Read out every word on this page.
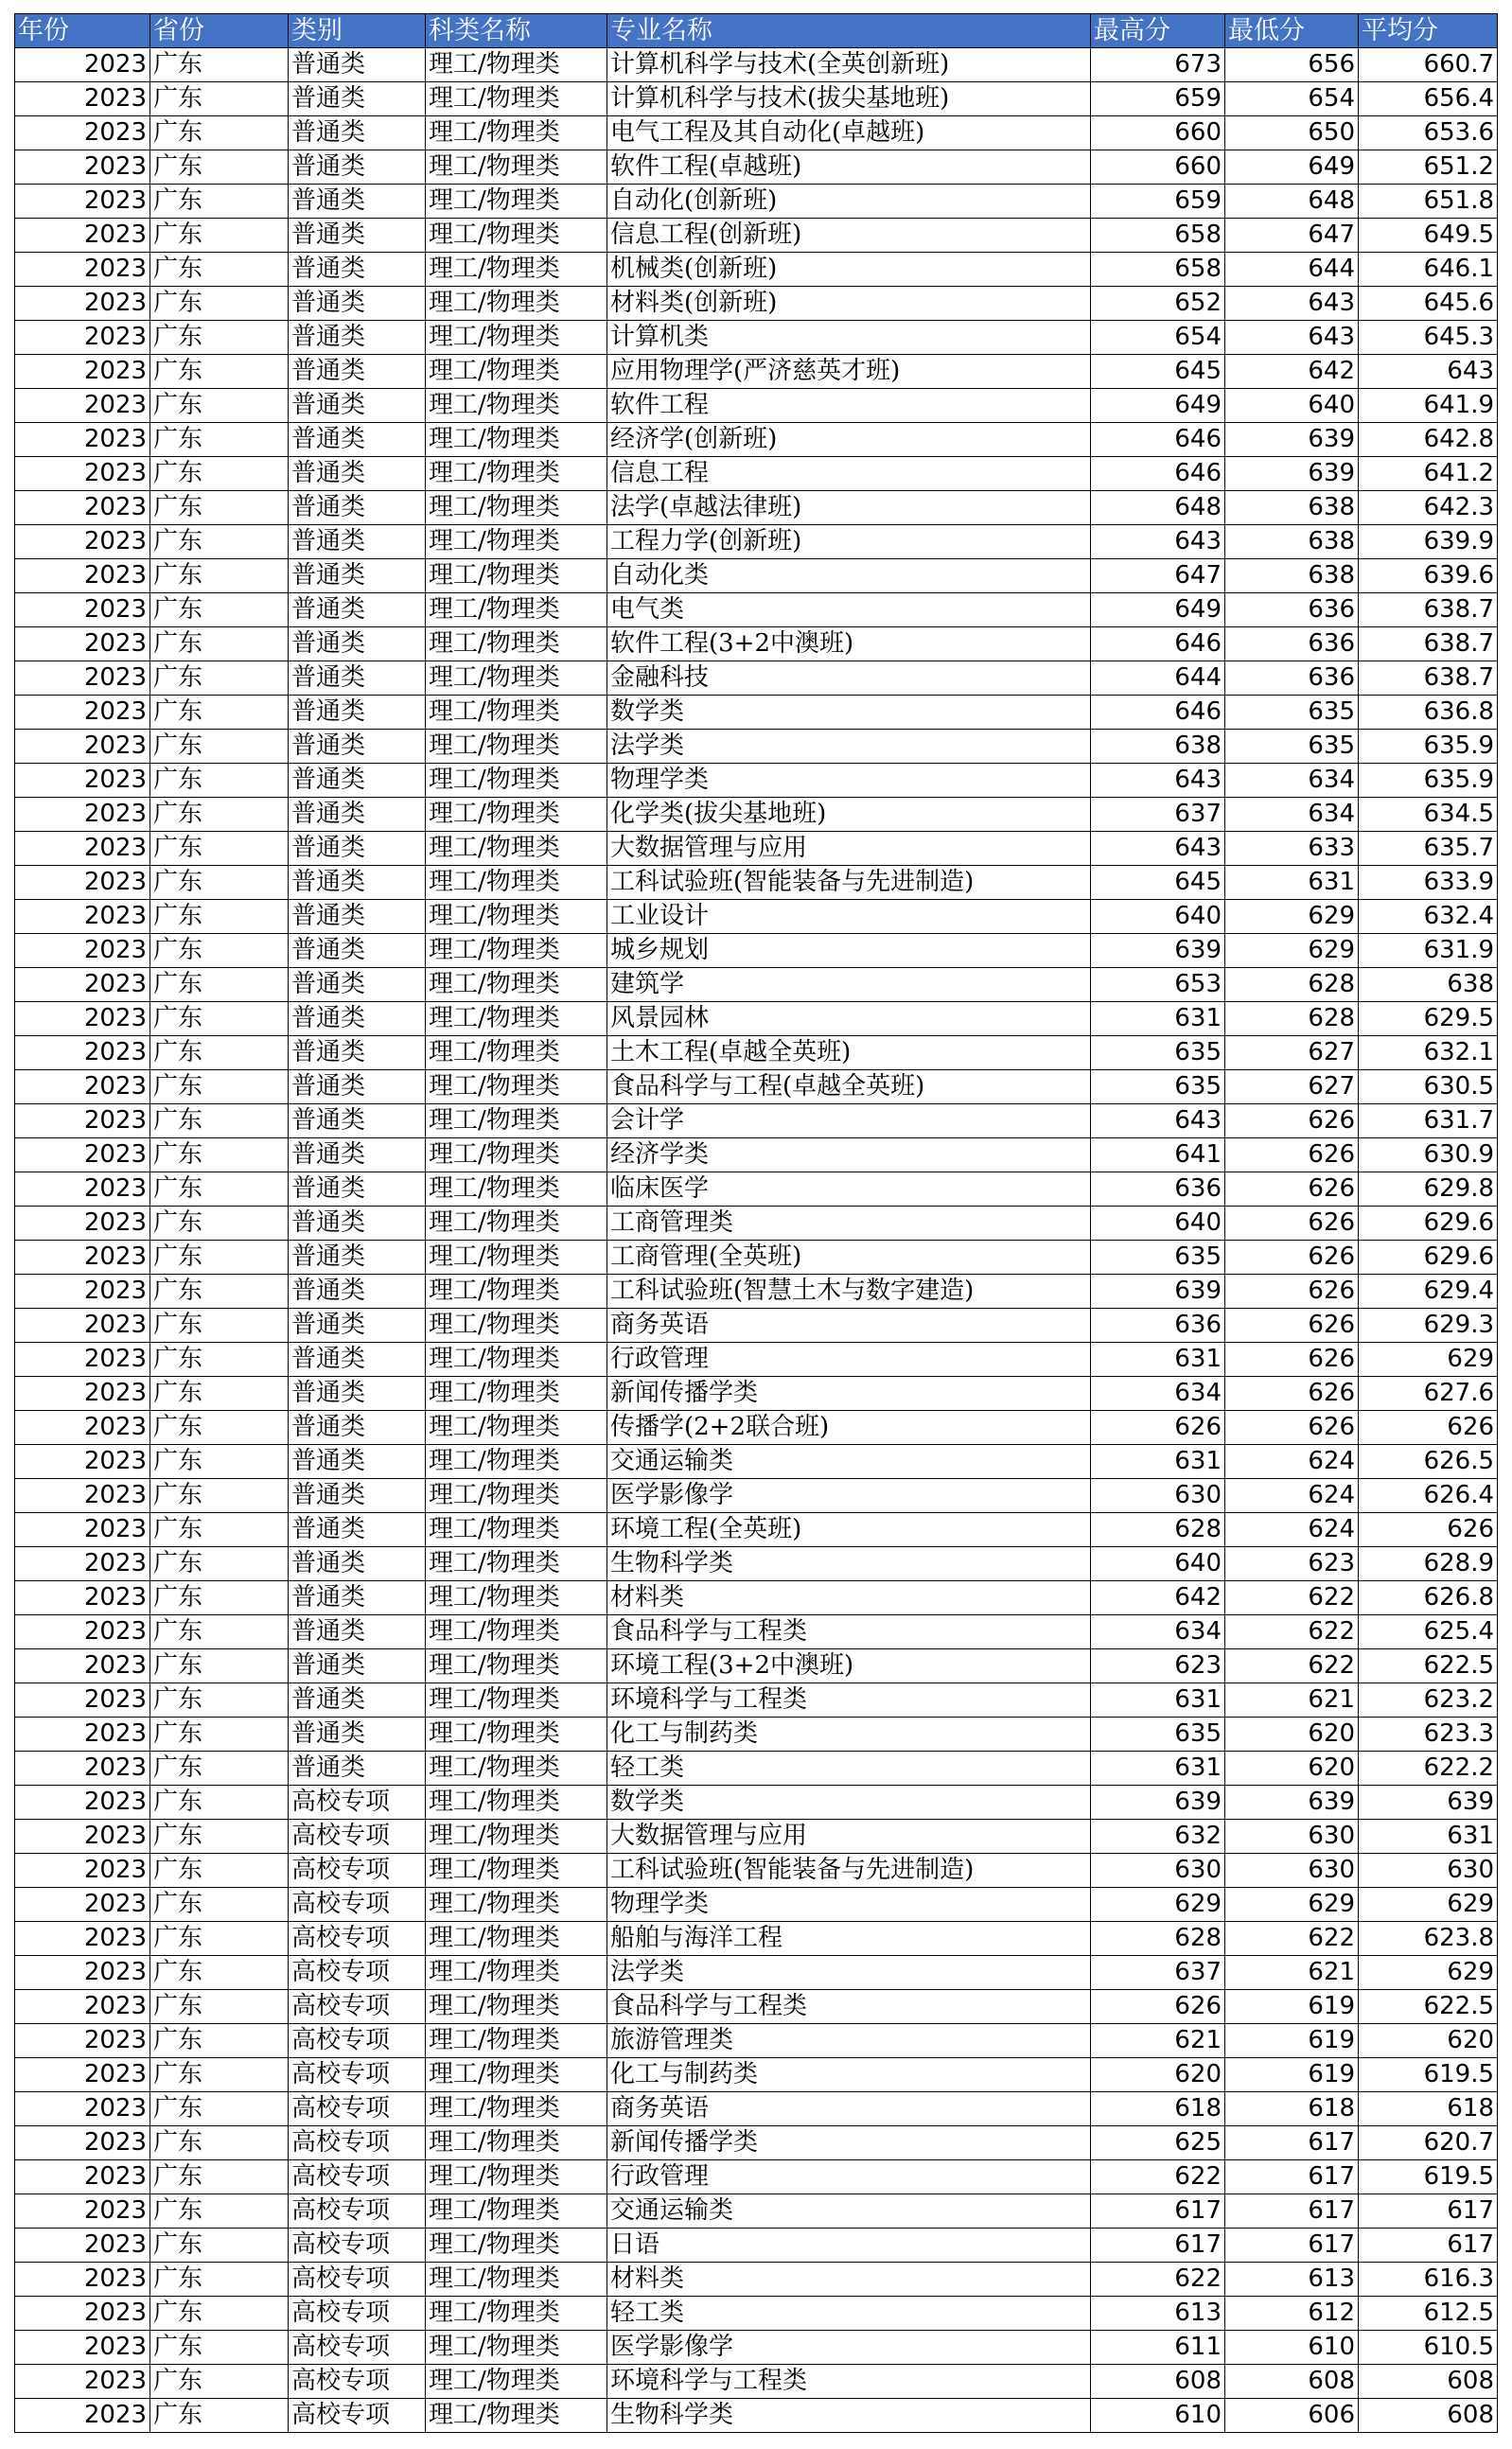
年份	省份	类别	科类名称	专业名称	最高分	最低分	平均分
2023	广东	普通类	理工/物理类	计算机科学与技术(全英创新班)	673	656	660.7
2023	广东	普通类	理工/物理类	计算机科学与技术(拔尖基地班)	659	654	656.4
2023	广东	普通类	理工/物理类	电气工程及其自动化(卓越班)	660	650	653.6
2023	广东	普通类	理工/物理类	软件工程(卓越班)	660	649	651.2
2023	广东	普通类	理工/物理类	自动化(创新班)	659	648	651.8
2023	广东	普通类	理工/物理类	信息工程(创新班)	658	647	649.5
2023	广东	普通类	理工/物理类	机械类(创新班)	658	644	646.1
2023	广东	普通类	理工/物理类	材料类(创新班)	652	643	645.6
2023	广东	普通类	理工/物理类	计算机类	654	643	645.3
2023	广东	普通类	理工/物理类	应用物理学(严济慈英才班)	645	642	643
2023	广东	普通类	理工/物理类	软件工程	649	640	641.9
2023	广东	普通类	理工/物理类	经济学(创新班)	646	639	642.8
2023	广东	普通类	理工/物理类	信息工程	646	639	641.2
2023	广东	普通类	理工/物理类	法学(卓越法律班)	648	638	642.3
2023	广东	普通类	理工/物理类	工程力学(创新班)	643	638	639.9
2023	广东	普通类	理工/物理类	自动化类	647	638	639.6
2023	广东	普通类	理工/物理类	电气类	649	636	638.7
2023	广东	普通类	理工/物理类	软件工程(3+2中澳班)	646	636	638.7
2023	广东	普通类	理工/物理类	金融科技	644	636	638.7
2023	广东	普通类	理工/物理类	数学类	646	635	636.8
2023	广东	普通类	理工/物理类	法学类	638	635	635.9
2023	广东	普通类	理工/物理类	物理学类	643	634	635.9
2023	广东	普通类	理工/物理类	化学类(拔尖基地班)	637	634	634.5
2023	广东	普通类	理工/物理类	大数据管理与应用	643	633	635.7
2023	广东	普通类	理工/物理类	工科试验班(智能装备与先进制造)	645	631	633.9
2023	广东	普通类	理工/物理类	工业设计	640	629	632.4
2023	广东	普通类	理工/物理类	城乡规划	639	629	631.9
2023	广东	普通类	理工/物理类	建筑学	653	628	638
2023	广东	普通类	理工/物理类	风景园林	631	628	629.5
2023	广东	普通类	理工/物理类	土木工程(卓越全英班)	635	627	632.1
2023	广东	普通类	理工/物理类	食品科学与工程(卓越全英班)	635	627	630.5
2023	广东	普通类	理工/物理类	会计学	643	626	631.7
2023	广东	普通类	理工/物理类	经济学类	641	626	630.9
2023	广东	普通类	理工/物理类	临床医学	636	626	629.8
2023	广东	普通类	理工/物理类	工商管理类	640	626	629.6
2023	广东	普通类	理工/物理类	工商管理(全英班)	635	626	629.6
2023	广东	普通类	理工/物理类	工科试验班(智慧土木与数字建造)	639	626	629.4
2023	广东	普通类	理工/物理类	商务英语	636	626	629.3
2023	广东	普通类	理工/物理类	行政管理	631	626	629
2023	广东	普通类	理工/物理类	新闻传播学类	634	626	627.6
2023	广东	普通类	理工/物理类	传播学(2+2联合班)	626	626	626
2023	广东	普通类	理工/物理类	交通运输类	631	624	626.5
2023	广东	普通类	理工/物理类	医学影像学	630	624	626.4
2023	广东	普通类	理工/物理类	环境工程(全英班)	628	624	626
2023	广东	普通类	理工/物理类	生物科学类	640	623	628.9
2023	广东	普通类	理工/物理类	材料类	642	622	626.8
2023	广东	普通类	理工/物理类	食品科学与工程类	634	622	625.4
2023	广东	普通类	理工/物理类	环境工程(3+2中澳班)	623	622	622.5
2023	广东	普通类	理工/物理类	环境科学与工程类	631	621	623.2
2023	广东	普通类	理工/物理类	化工与制药类	635	620	623.3
2023	广东	普通类	理工/物理类	轻工类	631	620	622.2
2023	广东	高校专项	理工/物理类	数学类	639	639	639
2023	广东	高校专项	理工/物理类	大数据管理与应用	632	630	631
2023	广东	高校专项	理工/物理类	工科试验班(智能装备与先进制造)	630	630	630
2023	广东	高校专项	理工/物理类	物理学类	629	629	629
2023	广东	高校专项	理工/物理类	船舶与海洋工程	628	622	623.8
2023	广东	高校专项	理工/物理类	法学类	637	621	629
2023	广东	高校专项	理工/物理类	食品科学与工程类	626	619	622.5
2023	广东	高校专项	理工/物理类	旅游管理类	621	619	620
2023	广东	高校专项	理工/物理类	化工与制药类	620	619	619.5
2023	广东	高校专项	理工/物理类	商务英语	618	618	618
2023	广东	高校专项	理工/物理类	新闻传播学类	625	617	620.7
2023	广东	高校专项	理工/物理类	行政管理	622	617	619.5
2023	广东	高校专项	理工/物理类	交通运输类	617	617	617
2023	广东	高校专项	理工/物理类	日语	617	617	617
2023	广东	高校专项	理工/物理类	材料类	622	613	616.3
2023	广东	高校专项	理工/物理类	轻工类	613	612	612.5
2023	广东	高校专项	理工/物理类	医学影像学	611	610	610.5
2023	广东	高校专项	理工/物理类	环境科学与工程类	608	608	608
2023	广东	高校专项	理工/物理类	生物科学类	610	606	608
